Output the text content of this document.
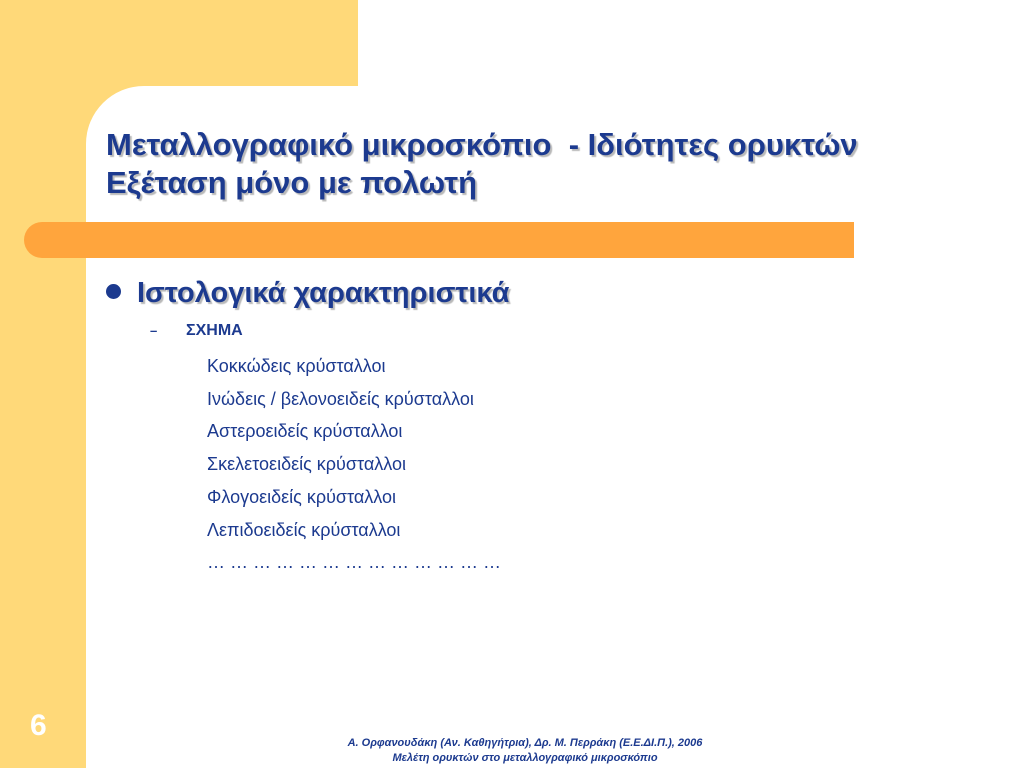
Μεταλλογραφικό μικροσκόπιο  - Ιδιότητες ορυκτών
Εξέταση μόνο με πολωτή
Ιστολογικά χαρακτηριστικά
– ΣΧΗΜΑ
Κοκκώδεις κρύσταλλοι
Ινώδεις / βελονοειδείς κρύσταλλοι
Αστεροειδείς κρύσταλλοι
Σκελετοειδείς κρύσταλλοι
Φλογοειδείς κρύσταλλοι
Λεπιδοειδείς κρύσταλλοι
… … … … … … … … … … … … …
6
Α. Ορφανουδάκη (Αν. Καθηγήτρια), Δρ. Μ. Περράκη (Ε.Ε.ΔΙ.Π.), 2006
Μελέτη ορυκτών στο μεταλλογραφικό μικροσκόπιο
